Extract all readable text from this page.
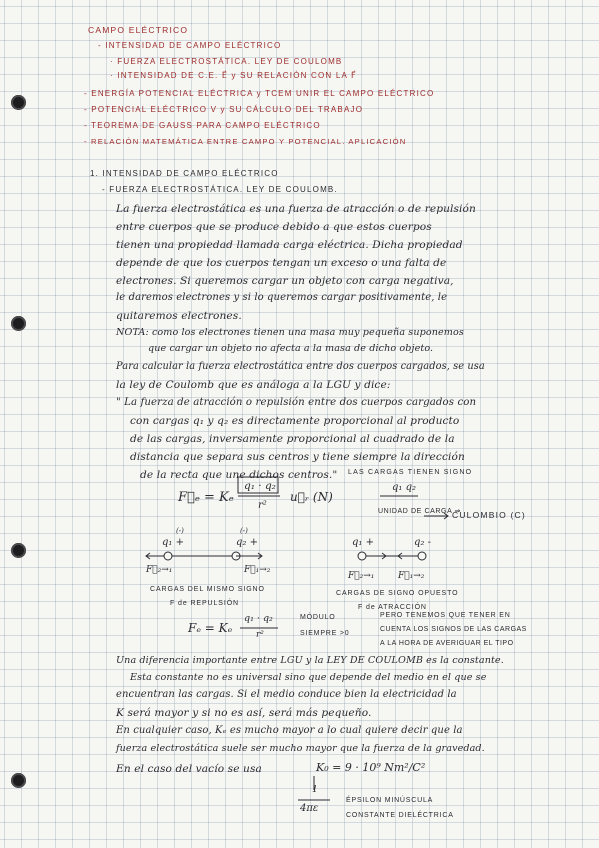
CAMPO ELÉCTRICO
- INTENSIDAD DE CAMPO ELÉCTRICO
· FUERZA ELECTROSTÁTICA. LEY DE COULOMB
· INTENSIDAD DE C.E. E⃗ y SU RELACIÓN CON LA F⃗
- ENERGÍA POTENCIAL ELÉCTRICA y TCEM UNIR EL CAMPO ELÉCTRICO
- POTENCIAL ELÉCTRICO V y SU CÁLCULO DEL TRABAJO
- TEOREMA DE GAUSS PARA CAMPO ELÉCTRICO
- RELACIÓN MATEMÁTICA ENTRE CAMPO Y POTENCIAL. APLICACIÓN
1. INTENSIDAD DE CAMPO ELÉCTRICO
- FUERZA ELECTROSTÁTICA. LEY DE COULOMB.
La fuerza electrostática es una fuerza de atracción o de repulsión
entre cuerpos que se produce debido a que estos cuerpos
tienen una propiedad llamada carga eléctrica. Dicha propiedad
depende de que los cuerpos tengan un exceso o una falta de
electrones. Si queremos cargar un objeto con carga negativa,
le daremos electrones y si lo queremos cargar positivamente, le
quitaremos electrones.
NOTA: como los electrones tienen una masa muy pequeña suponemos
que cargar un objeto no afecta a la masa de dicho objeto.
Para calcular la fuerza electrostática entre dos cuerpos cargados, se usa
la ley de Coulomb que es análoga a la LGU y dice:
" La fuerza de atracción o repulsión entre dos cuerpos cargados con
con cargas q₁ y q₂ es directamente proporcional al producto
de las cargas, inversamente proporcional al cuadrado de la
distancia que separa sus centros y tiene siempre la dirección
de la recta que une dichos centros."
F⃗ₑ = Kₑ
q₁ · q₂
r²
u⃗ᵣ (N)
LAS CARGAS TIENEN SIGNO
q₁ q₂
UNIDAD DE CARGA ⇒
CULOMBIO (C)
(-)
q₁ +
(-)
q₂ +
F⃗₂→₁	F⃗₁→₂
CARGAS DEL MISMO SIGNO
F de REPULSIÓN
q₁ +	q₂ -
F⃗₂→₁	F⃗₁→₂
CARGAS DE SIGNO OPUESTO
F de ATRACCIÓN
Fₑ = Kₑ
q₁ · q₂
r²
MÓDULO
SIEMPRE >0
PERO TENEMOS QUE TENER EN
CUENTA LOS SIGNOS DE LAS CARGAS
A LA HORA DE AVERIGUAR EL TIPO
Una diferencia importante entre LGU y la LEY DE COULOMB es la constante.
Esta constante no es universal sino que depende del medio en el que se
encuentran las cargas. Si el medio conduce bien la electricidad la
K será mayor y si no es así, será más pequeño.
En cualquier caso, Kₑ es mucho mayor a lo cual quiere decir que la
fuerza electrostática suele ser mucho mayor que la fuerza de la gravedad.
En el caso del vacío se usa	K₀ = 9 · 10⁹ Nm²/C²
1
4πε
ÉPSILON MINÚSCULA
CONSTANTE DIELÉCTRICA
